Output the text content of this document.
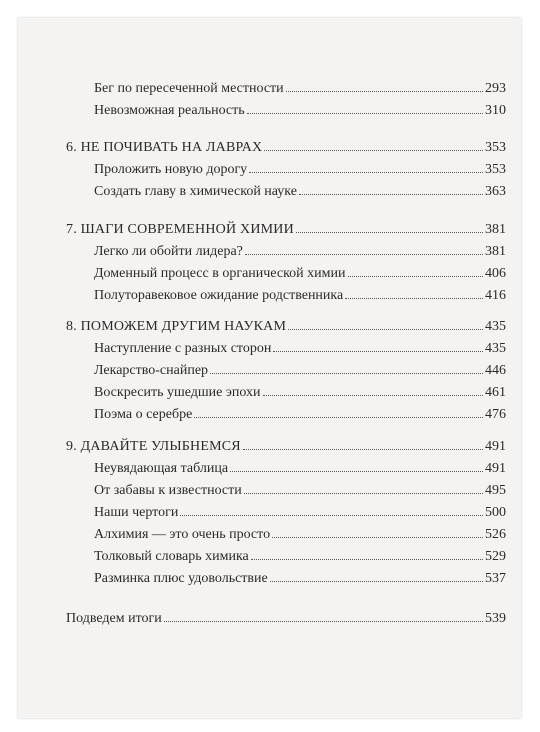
Бег по пересеченной местности	293
Невозможная реальность	310
6. НЕ ПОЧИВАТЬ НА ЛАВРАХ	353
Проложить новую дорогу	353
Создать главу в химической науке	363
7. ШАГИ СОВРЕМЕННОЙ ХИМИИ	381
Легко ли обойти лидера?	381
Доменный процесс в органической химии	406
Полутоpавековое ожидание родственника	416
8. ПОМОЖЕМ ДРУГИМ НАУКАМ	435
Наступление с разных сторон	435
Лекарство-снайпер	446
Воскресить ушедшие эпохи	461
Поэма о серебре	476
9. ДАВАЙТЕ УЛЫБНЕМСЯ	491
Неувядающая таблица	491
От забавы к известности	495
Наши чертоги	500
Алхимия — это очень просто	526
Толковый словарь химика	529
Разминка плюс удовольствие	537
Подведем итоги	539
